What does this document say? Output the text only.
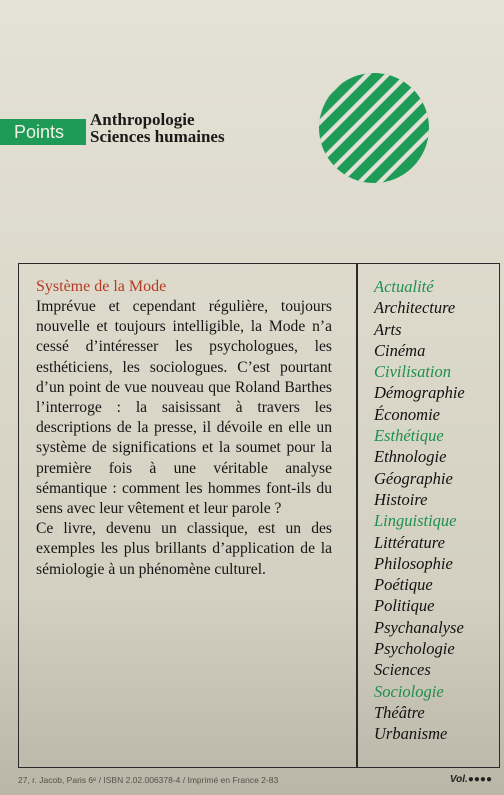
Points
Anthropologie
Sciences humaines
Système de la Mode

Imprévue et cependant régulière, toujours nouvelle et toujours intelligible, la Mode n’a cessé d’intéresser les psychologues, les esthéticiens, les sociologues. C’est pourtant d’un point de vue nouveau que Roland Barthes l’interroge : la saisissant à travers les descriptions de la presse, il dévoile en elle un système de significations et la soumet pour la première fois à une véritable analyse sémantique : comment les hommes font-ils du sens avec leur vêtement et leur parole ?

Ce livre, devenu un classique, est un des exemples les plus brillants d’application de la sémiologie à un phénomène culturel.

Actualité
Architecture
Arts
Cinéma
Civilisation
Démographie
Économie
Esthétique
Ethnologie
Géographie
Histoire
Linguistique
Littérature
Philosophie
Poétique
Politique
Psychanalyse
Psychologie
Sciences
Sociologie
Théâtre
Urbanisme
27, r. Jacob, Paris 6ᵉ / ISBN 2.02.006378-4 / Imprimé en France 2-83	Vol.●●●●
